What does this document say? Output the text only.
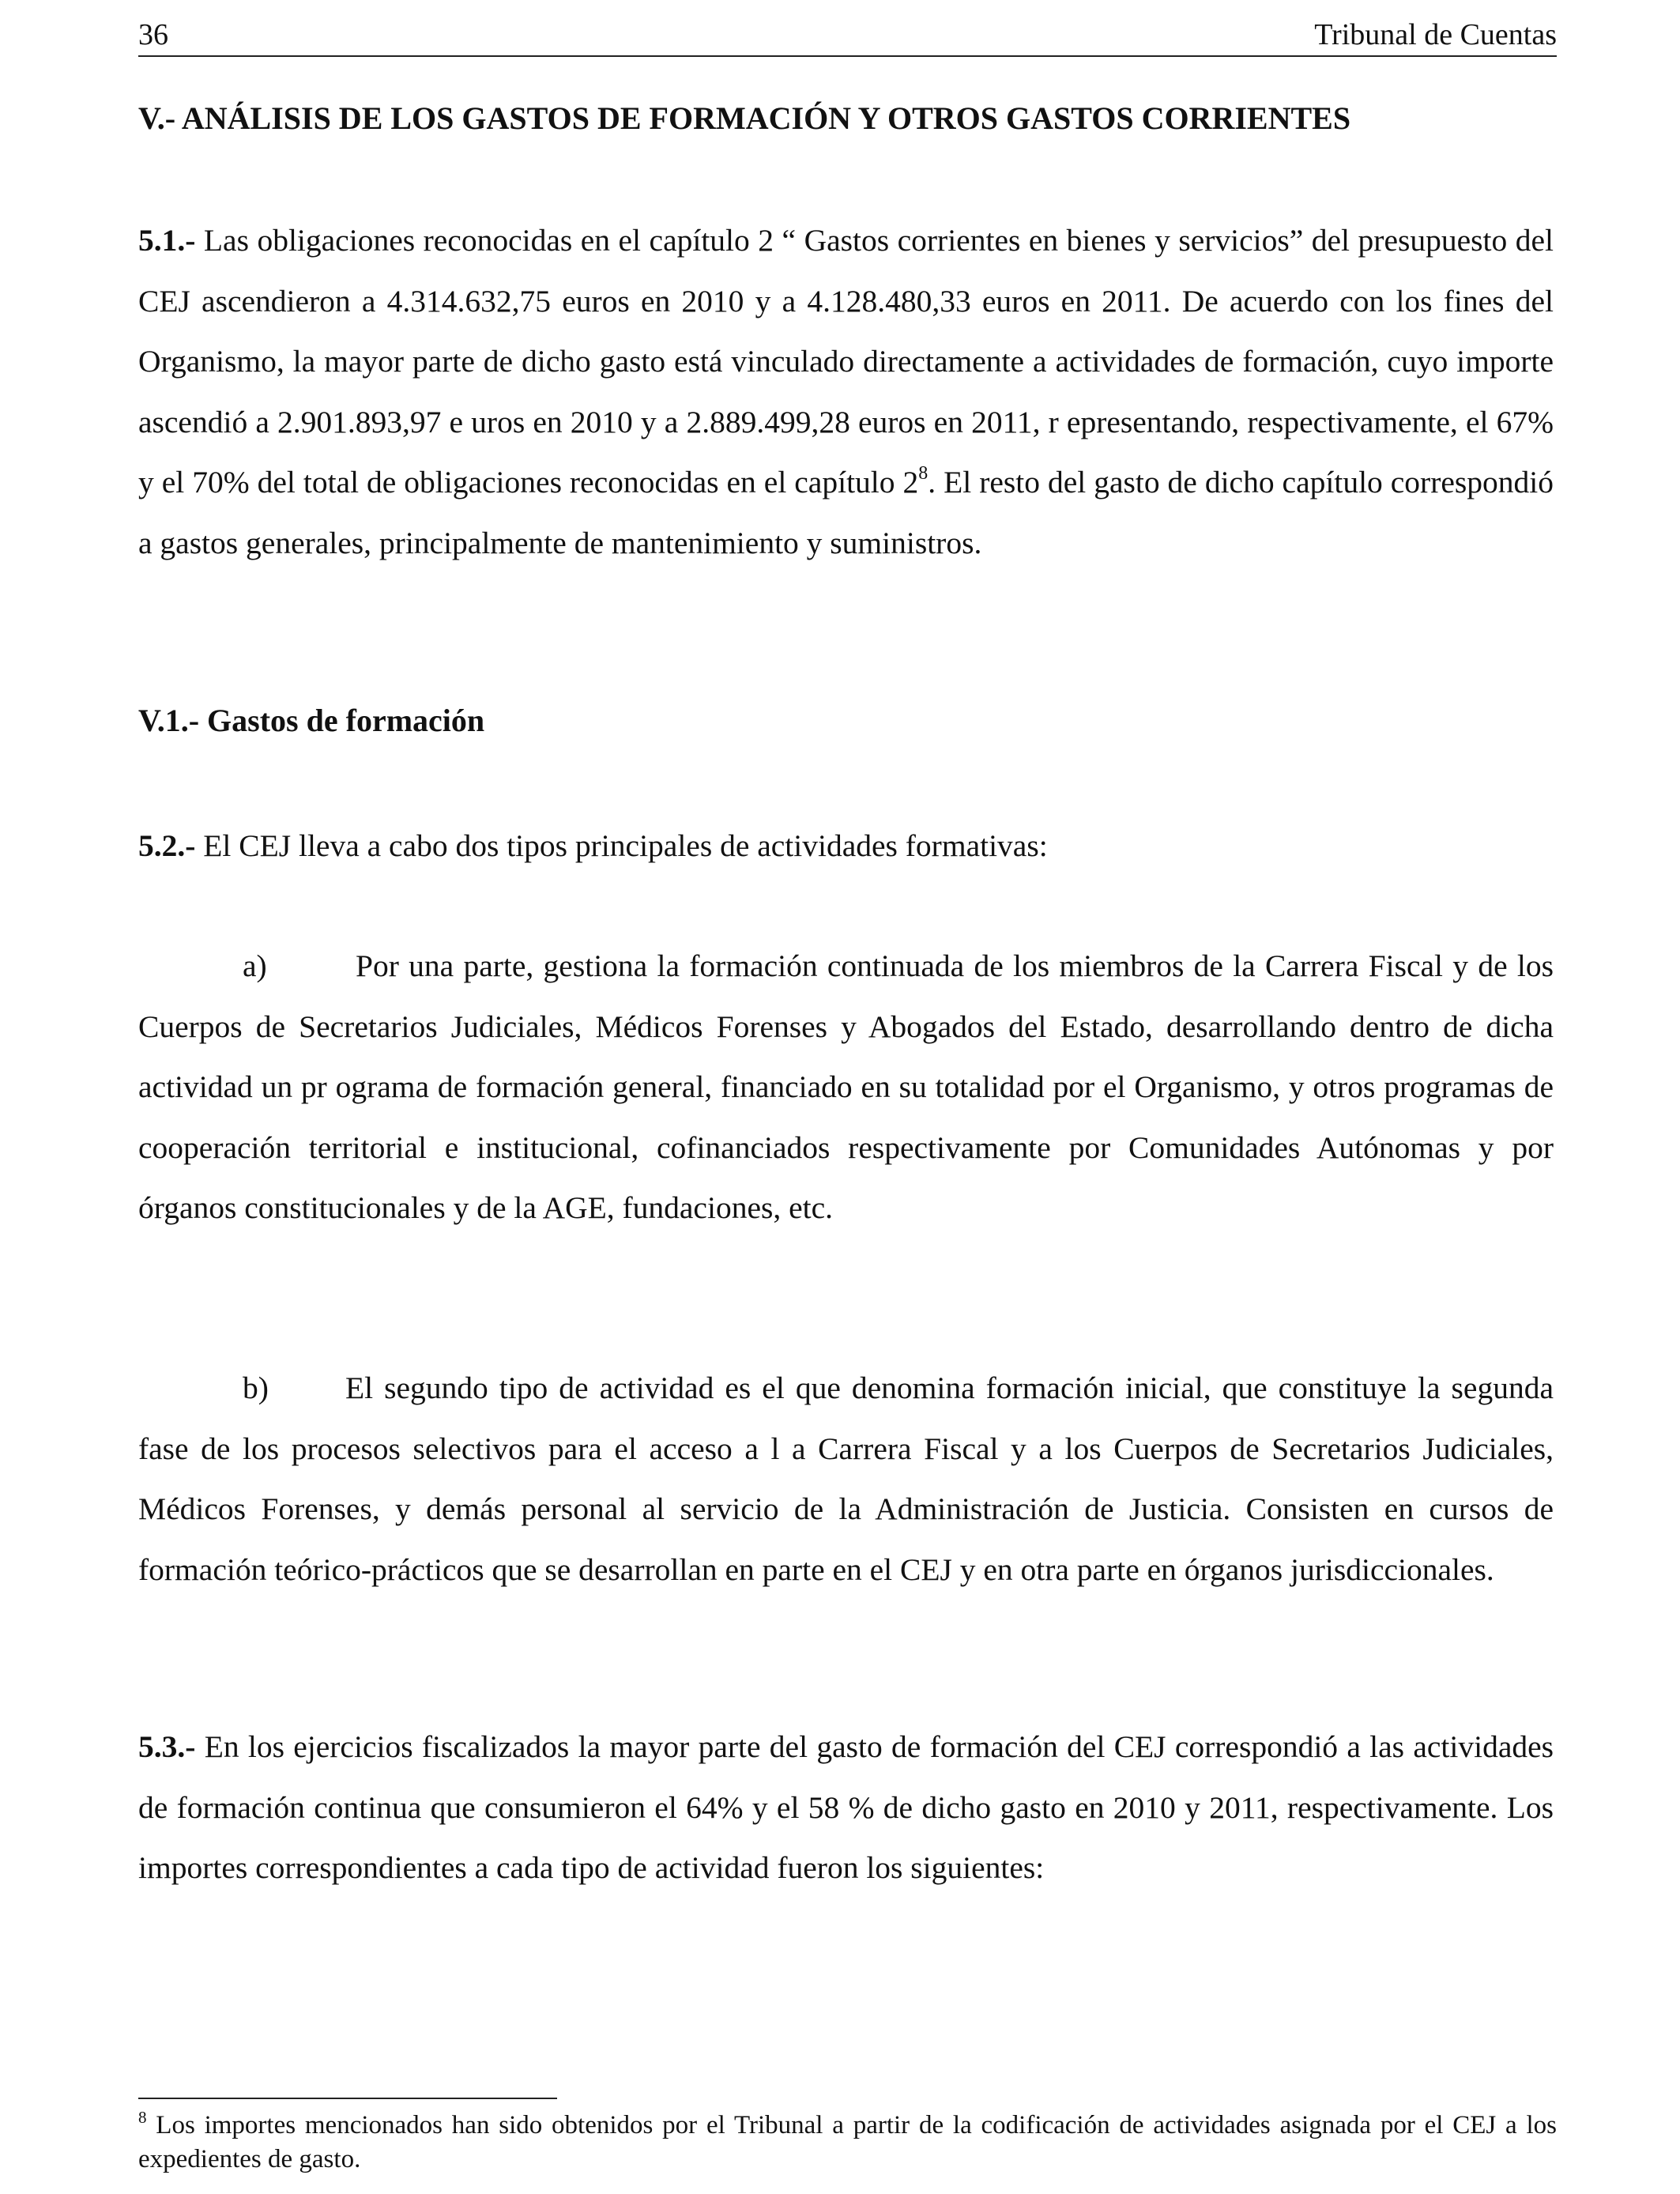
36	Tribunal de Cuentas
V.- ANÁLISIS DE LOS GASTOS DE FORMACIÓN Y OTROS GASTOS CORRIENTES
5.1.- Las obligaciones reconocidas en el capítulo 2 “ Gastos corrientes en bienes y servicios” del presupuesto del CEJ ascendieron a 4.314.632,75 euros en 2010 y a 4.128.480,33 euros en 2011. De acuerdo con los fines del Organismo, la mayor parte de dicho gasto está vinculado directamente a actividades de formación, cuyo importe ascendió a 2.901.893,97 e uros en 2010 y a 2.889.499,28 euros en 2011, r epresentando, respectivamente, el 67% y el 70% del total de obligaciones reconocidas en el capítulo $2^8$. El resto del gasto de dicho capítulo correspondió a gastos generales, principalmente de mantenimiento y suministros.
V.1.- Gastos de formación
5.2.- El CEJ lleva a cabo dos tipos principales de actividades formativas:
a)	Por una parte, gestiona la formación continuada de los miembros de la Carrera Fiscal y de los Cuerpos de Secretarios Judiciales, Médicos Forenses y Abogados del Estado, desarrollando dentro de dicha actividad un pr ograma de formación general, financiado en su totalidad por el Organismo, y otros programas de cooperación territorial e institucional, cofinanciados respectivamente por Comunidades Autónomas y por órganos constitucionales y de la AGE, fundaciones, etc.
b) El segundo tipo de actividad es el que denomina formación inicial, que constituye la segunda fase de los procesos selectivos para el acceso a l a Carrera Fiscal y a los Cuerpos de Secretarios Judiciales, Médicos Forenses, y demás personal al servicio de la Administración de Justicia. Consisten en cursos de formación teórico-prácticos que se desarrollan en parte en el CEJ y en otra parte en órganos jurisdiccionales.
5.3.- En los ejercicios fiscalizados la mayor parte del gasto de formación del CEJ correspondió a las actividades de formación continua que consumieron el 64% y el 58 % de dicho gasto en 2010 y 2011, respectivamente. Los importes correspondientes a cada tipo de actividad fueron los siguientes:
$^8$ Los importes mencionados han sido obtenidos por el Tribunal a partir de la codificación de actividades asignada por el CEJ a los expedientes de gasto.
